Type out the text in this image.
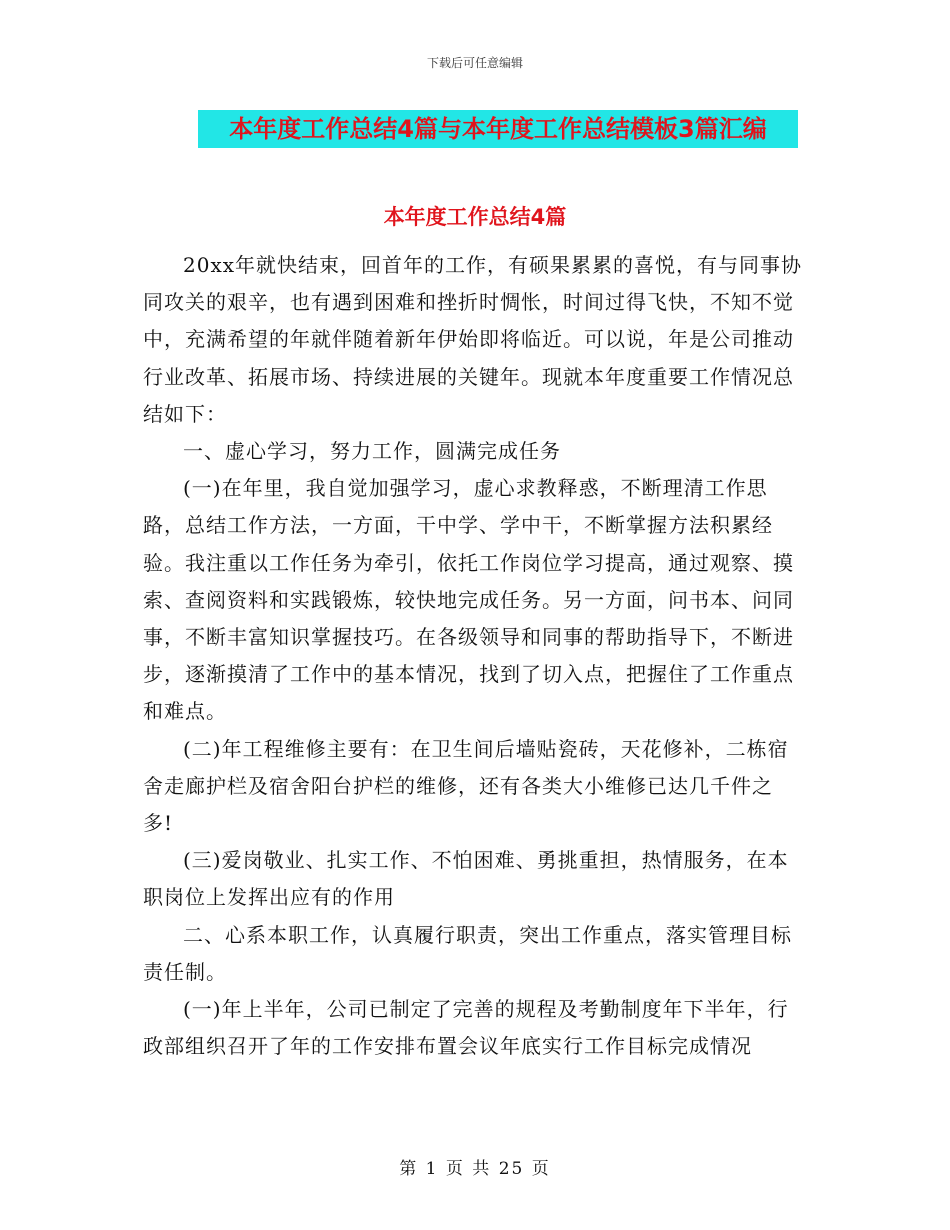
下载后可任意编辑
本年度工作总结4篇与本年度工作总结模板3篇汇编
本年度工作总结4篇

20xx年就快结束，回首年的工作，有硕果累累的喜悦，有与同事协同攻关的艰辛，也有遇到困难和挫折时惆怅，时间过得飞快，不知不觉中，充满希望的年就伴随着新年伊始即将临近。可以说，年是公司推动行业改革、拓展市场、持续进展的关键年。现就本年度重要工作情况总结如下：

一、虚心学习，努力工作，圆满完成任务

(一)在年里，我自觉加强学习，虚心求教释惑，不断理清工作思路，总结工作方法，一方面，干中学、学中干，不断掌握方法积累经验。我注重以工作任务为牵引，依托工作岗位学习提高，通过观察、摸索、查阅资料和实践锻炼，较快地完成任务。另一方面，问书本、问同事，不断丰富知识掌握技巧。在各级领导和同事的帮助指导下，不断进步，逐渐摸清了工作中的基本情况，找到了切入点，把握住了工作重点和难点。

(二)年工程维修主要有：在卫生间后墙贴瓷砖，天花修补，二栋宿舍走廊护栏及宿舍阳台护栏的维修，还有各类大小维修已达几千件之多!

(三)爱岗敬业、扎实工作、不怕困难、勇挑重担，热情服务，在本职岗位上发挥出应有的作用

二、心系本职工作，认真履行职责，突出工作重点，落实管理目标责任制。

(一)年上半年，公司已制定了完善的规程及考勤制度年下半年，行政部组织召开了年的工作安排布置会议年底实行工作目标完成情况

第 1 页 共 25 页
